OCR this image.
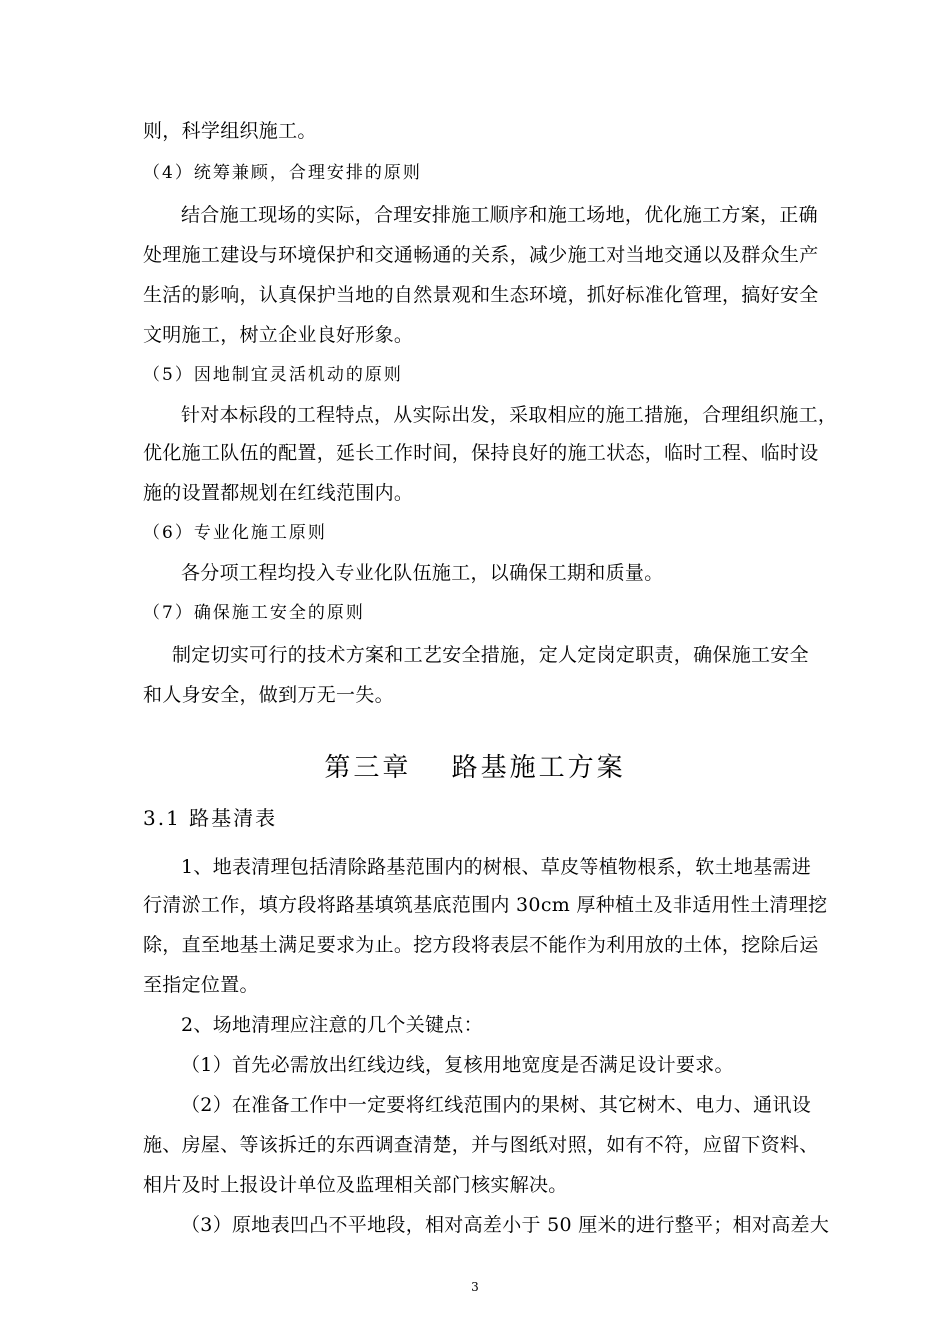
则，科学组织施工。
（4）统筹兼顾，合理安排的原则
结合施工现场的实际，合理安排施工顺序和施工场地，优化施工方案，正确
处理施工建设与环境保护和交通畅通的关系，减少施工对当地交通以及群众生产
生活的影响，认真保护当地的自然景观和生态环境，抓好标准化管理，搞好安全
文明施工，树立企业良好形象。
（5）因地制宜灵活机动的原则
针对本标段的工程特点，从实际出发，采取相应的施工措施，合理组织施工，
优化施工队伍的配置，延长工作时间，保持良好的施工状态，临时工程、临时设
施的设置都规划在红线范围内。
（6）专业化施工原则
各分项工程均投入专业化队伍施工，以确保工期和质量。
（7）确保施工安全的原则
制定切实可行的技术方案和工艺安全措施，定人定岗定职责，确保施工安全
和人身安全，做到万无一失。
第三章　 路基施工方案
3.1 路基清表
1、地表清理包括清除路基范围内的树根、草皮等植物根系，软土地基需进
行清淤工作，填方段将路基填筑基底范围内 30cm 厚种植土及非适用性土清理挖
除，直至地基土满足要求为止。挖方段将表层不能作为利用放的土体，挖除后运
至指定位置。
2、场地清理应注意的几个关键点：
（1）首先必需放出红线边线，复核用地宽度是否满足设计要求。
（2）在准备工作中一定要将红线范围内的果树、其它树木、电力、通讯设
施、房屋、等该拆迁的东西调查清楚，并与图纸对照，如有不符，应留下资料、
相片及时上报设计单位及监理相关部门核实解决。
（3）原地表凹凸不平地段，相对高差小于 50 厘米的进行整平；相对高差大
3
